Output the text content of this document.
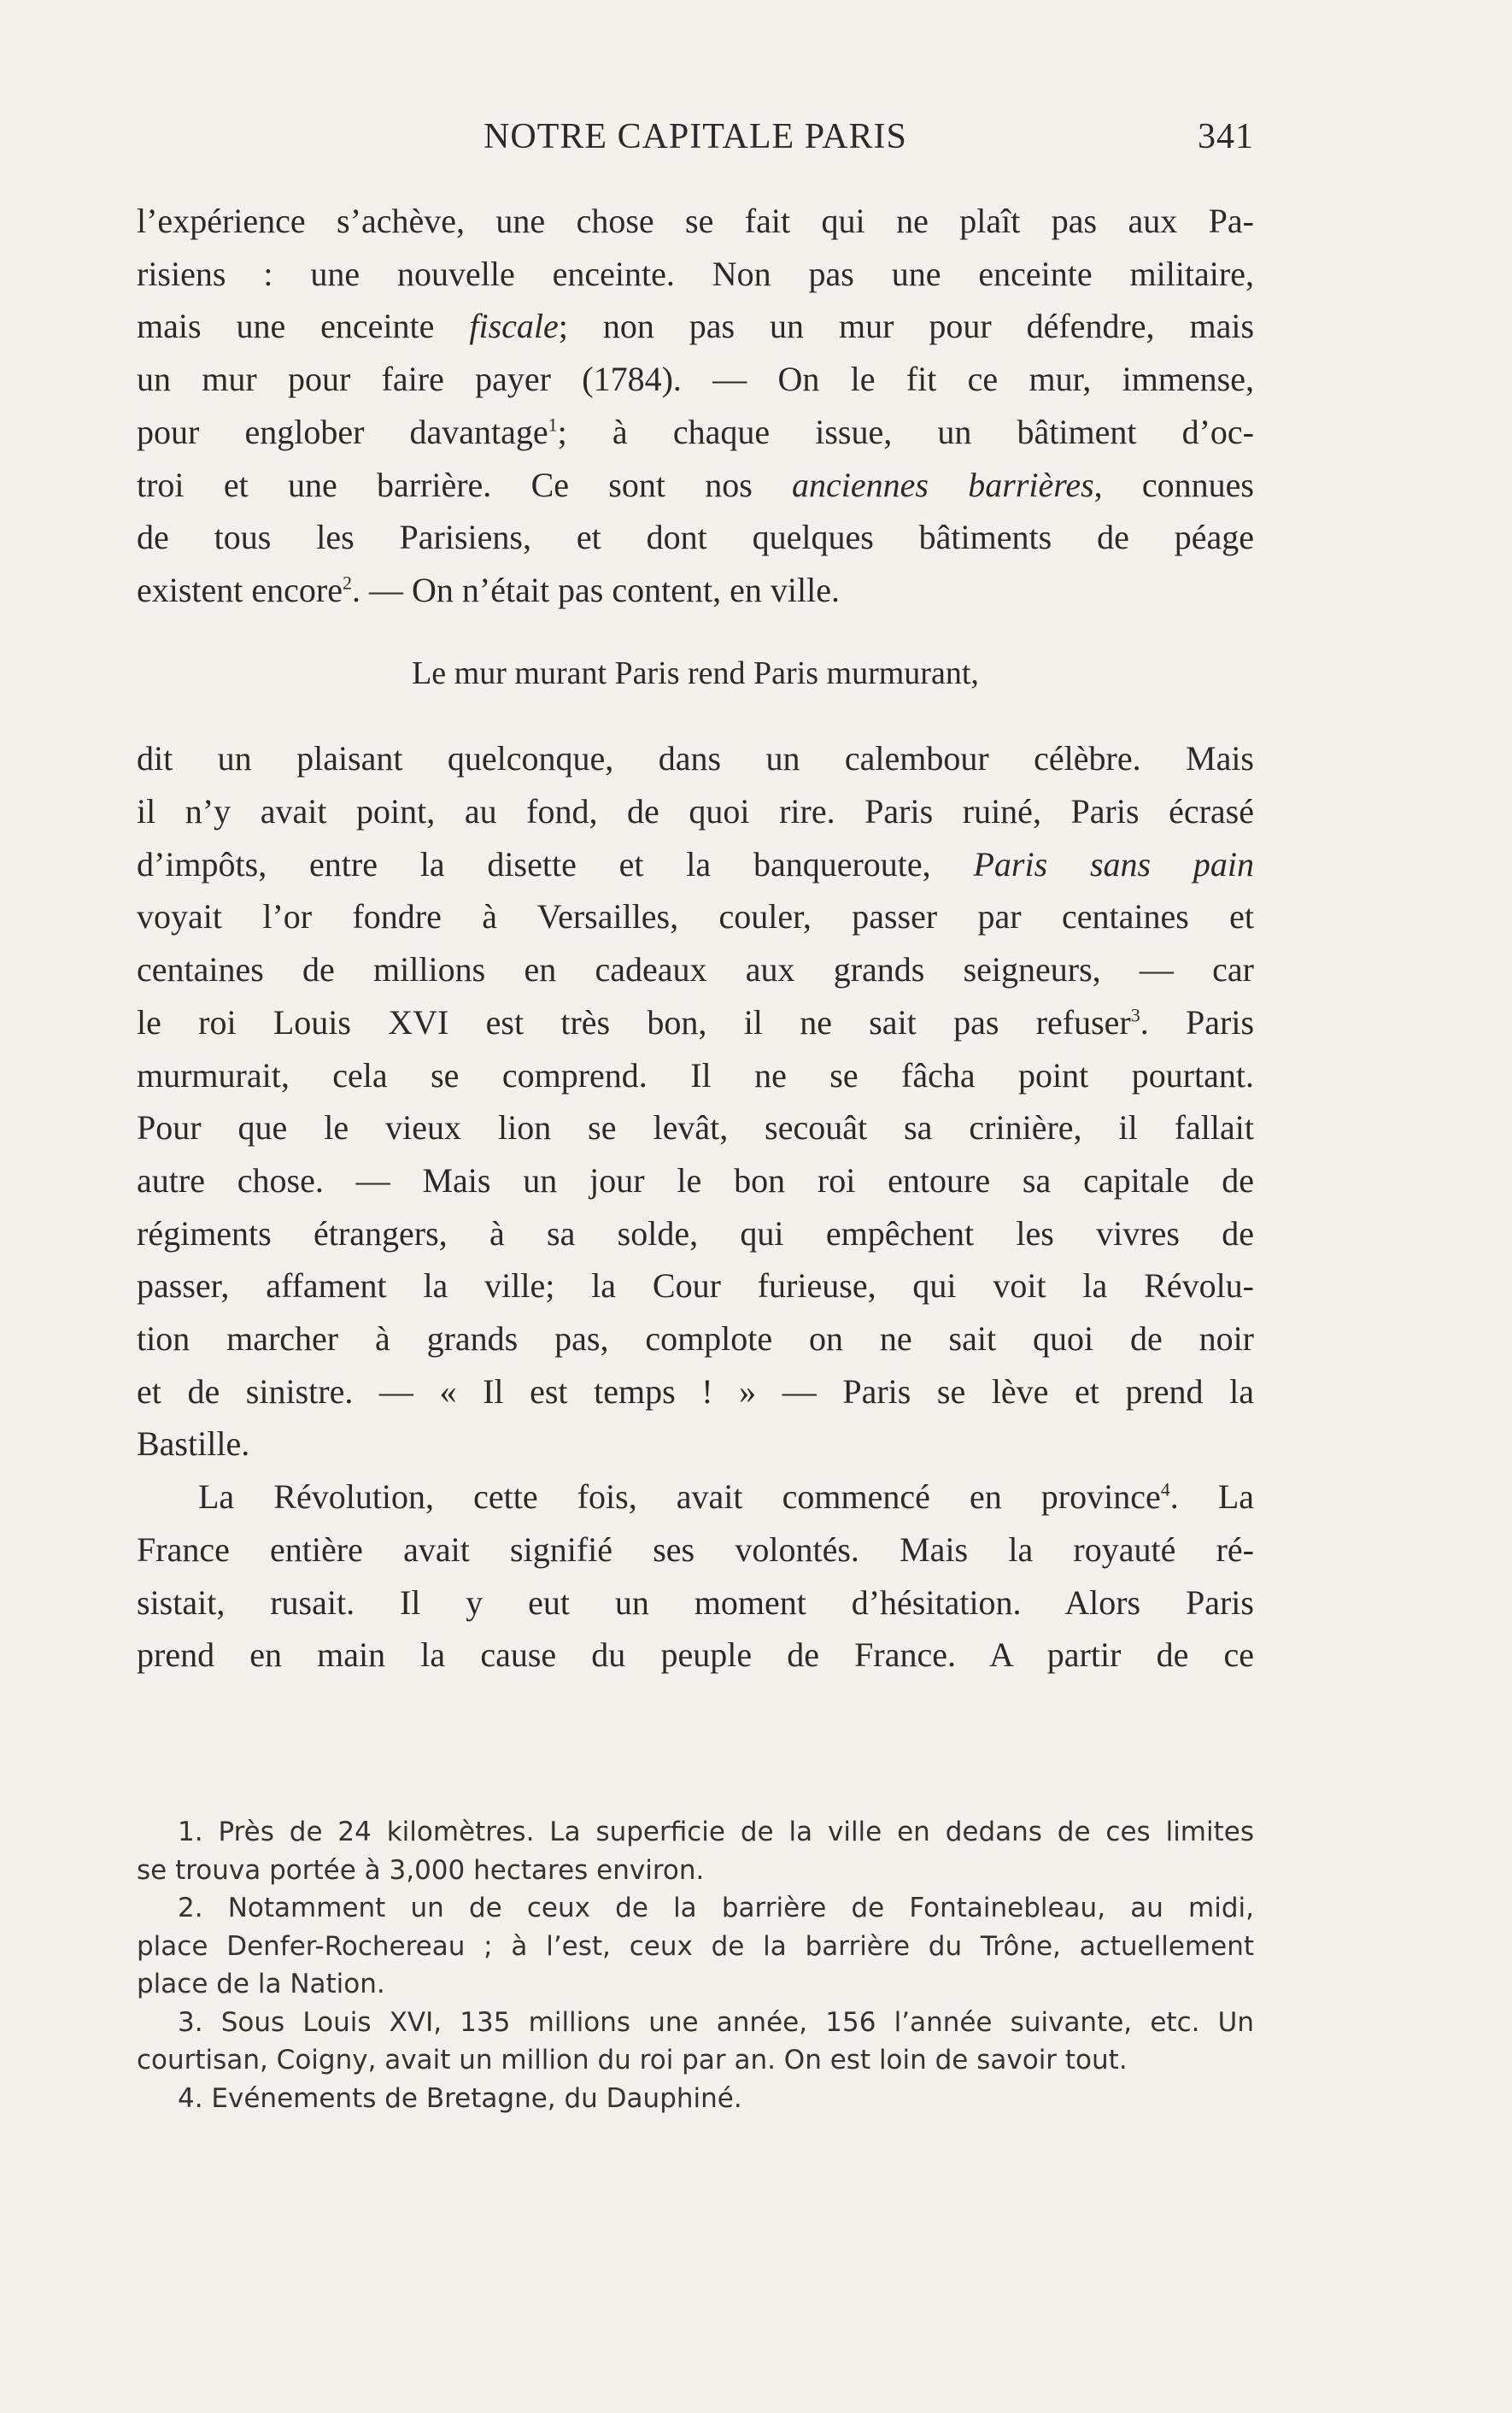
NOTRE CAPITALE PARIS	341

l’expérience s’achève, une chose se fait qui ne plaît pas aux Pa-
risiens : une nouvelle enceinte. Non pas une enceinte militaire,
mais une enceinte fiscale; non pas un mur pour défendre, mais
un mur pour faire payer (1784). — On le fit ce mur, immense,
pour englober davantage$^1$; à chaque issue, un bâtiment d’oc-
troi et une barrière. Ce sont nos anciennes barrières, connues
de tous les Parisiens, et dont quelques bâtiments de péage
existent encore$^2$. — On n’était pas content, en ville.

Le mur murant Paris rend Paris murmurant,

dit un plaisant quelconque, dans un calembour célèbre. Mais
il n’y avait point, au fond, de quoi rire. Paris ruiné, Paris écrasé
d’impôts, entre la disette et la banqueroute, Paris sans pain
voyait l’or fondre à Versailles, couler, passer par centaines et
centaines de millions en cadeaux aux grands seigneurs, — car
le roi Louis XVI est très bon, il ne sait pas refuser$^3$. Paris
murmurait, cela se comprend. Il ne se fâcha point pourtant.
Pour que le vieux lion se levât, secouât sa crinière, il fallait
autre chose. — Mais un jour le bon roi entoure sa capitale de
régiments étrangers, à sa solde, qui empêchent les vivres de
passer, affament la ville; la Cour furieuse, qui voit la Révolu-
tion marcher à grands pas, complote on ne sait quoi de noir
et de sinistre. — « Il est temps ! » — Paris se lève et prend la
Bastille.

La Révolution, cette fois, avait commencé en province$^4$. La
France entière avait signifié ses volontés. Mais la royauté ré-
sistait, rusait. Il y eut un moment d’hésitation. Alors Paris
prend en main la cause du peuple de France. A partir de ce

1. Près de 24 kilomètres. La superficie de la ville en dedans de ces limites
se trouva portée à 3,000 hectares environ.

2. Notamment un de ceux de la barrière de Fontainebleau, au midi,
place Denfer-Rochereau ; à l’est, ceux de la barrière du Trône, actuellement
place de la Nation.

3. Sous Louis XVI, 135 millions une année, 156 l’année suivante, etc. Un
courtisan, Coigny, avait un million du roi par an. On est loin de savoir tout.

4. Evénements de Bretagne, du Dauphiné.
